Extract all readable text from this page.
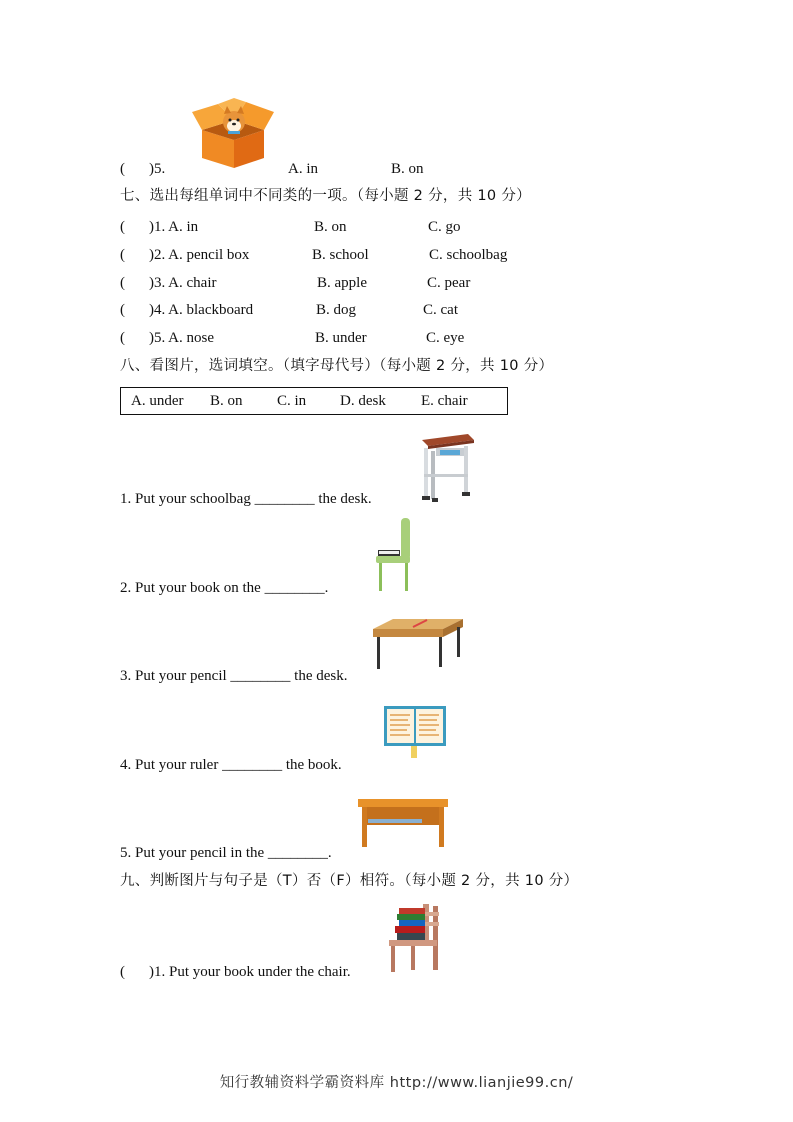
( )5.	A. in	B. on
七、选出每组单词中不同类的一项。（每小题 2 分，共 10 分）
( )1. A. in	B. on	C. go
( )2. A. pencil box	B. school	C. schoolbag
( )3. A. chair	B. apple	C. pear
( )4. A. blackboard	B. dog	C. cat
( )5. A. nose	B. under	C. eye
八、看图片，选词填空。（填字母代号）（每小题 2 分，共 10 分）
A. under B. on C. in D. desk E. chair
1. Put your schoolbag ________ the desk.
2. Put your book on the ________.
3. Put your pencil ________ the desk.
4. Put your ruler ________ the book.
5. Put your pencil in the ________.
九、判断图片与句子是（T）否（F）相符。（每小题 2 分，共 10 分）
( )1. Put your book under the chair.
知行教辅资料学霸资料库 http://www.lianjie99.cn/
